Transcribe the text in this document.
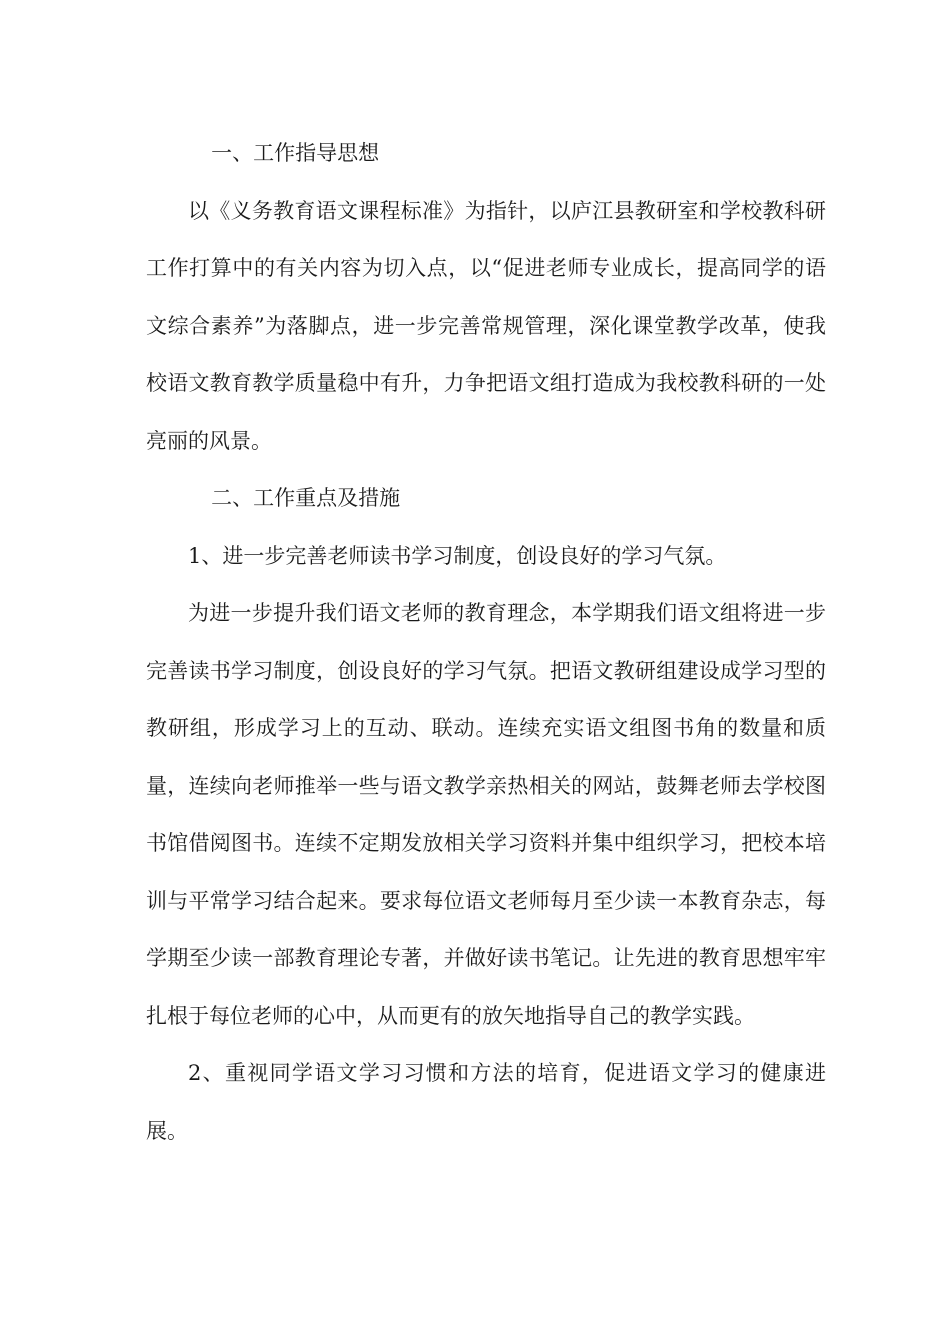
一、工作指导思想

以《义务教育语文课程标准》为指针，以庐江县教研室和学校教科研工作打算中的有关内容为切入点，以“促进老师专业成长，提高同学的语文综合素养”为落脚点，进一步完善常规管理，深化课堂教学改革，使我校语文教育教学质量稳中有升，力争把语文组打造成为我校教科研的一处亮丽的风景。

二、工作重点及措施

1、进一步完善老师读书学习制度，创设良好的学习气氛。

为进一步提升我们语文老师的教育理念，本学期我们语文组将进一步完善读书学习制度，创设良好的学习气氛。把语文教研组建设成学习型的教研组，形成学习上的互动、联动。连续充实语文组图书角的数量和质量，连续向老师推举一些与语文教学亲热相关的网站，鼓舞老师去学校图书馆借阅图书。连续不定期发放相关学习资料并集中组织学习，把校本培训与平常学习结合起来。要求每位语文老师每月至少读一本教育杂志，每学期至少读一部教育理论专著，并做好读书笔记。让先进的教育思想牢牢扎根于每位老师的心中，从而更有的放矢地指导自己的教学实践。

2、重视同学语文学习习惯和方法的培育，促进语文学习的健康进展。
